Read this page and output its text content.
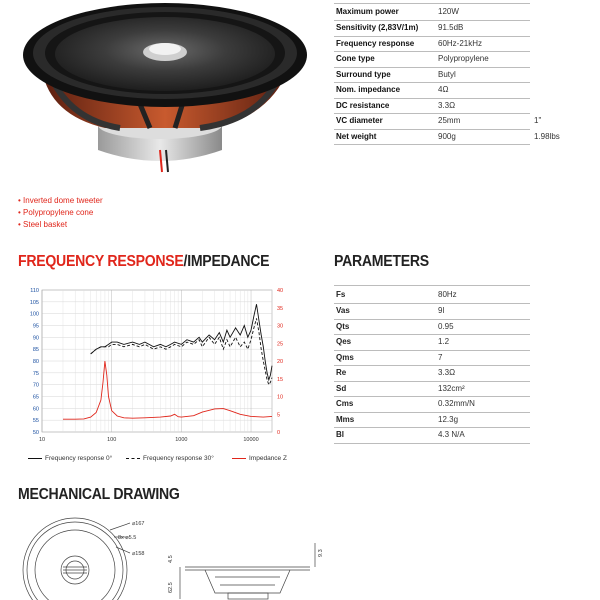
Maximum power	120W
Sensitivity (2,83V/1m) 91.5dB
Frequency response	60Hz-21kHz
Cone type	Polypropylene
Surround type	Butyl
Nom. impedance	4Ω
DC resistance	3.3Ω
VC diameter	25mm	1"
Net weight	900g	1.98lbs
• Inverted dome tweeter
• Polypropylene cone
• Steel basket
FREQUENCY RESPONSE/IMPEDANCE	PARAMETERS
MECHANICAL DRAWING
110
105
100
95
90
85
80
75
70
65
60
55
50
40
35
30
25
20
15
10
5
0
10	100	1000	10000
Frequency response 0°	Frequency response 30°	Impedance Z
Fs	80Hz
Vas	9l
Qts	0.95
Qes	1.2
Qms	7
Re	3.3Ω
Sd	132cm²
Cms	0.32mm/N
Mms	12.3g
Bl	4.3 N/A
⌀167
8x ⌀5.5
⌀158
4.5
62.5
9.3
